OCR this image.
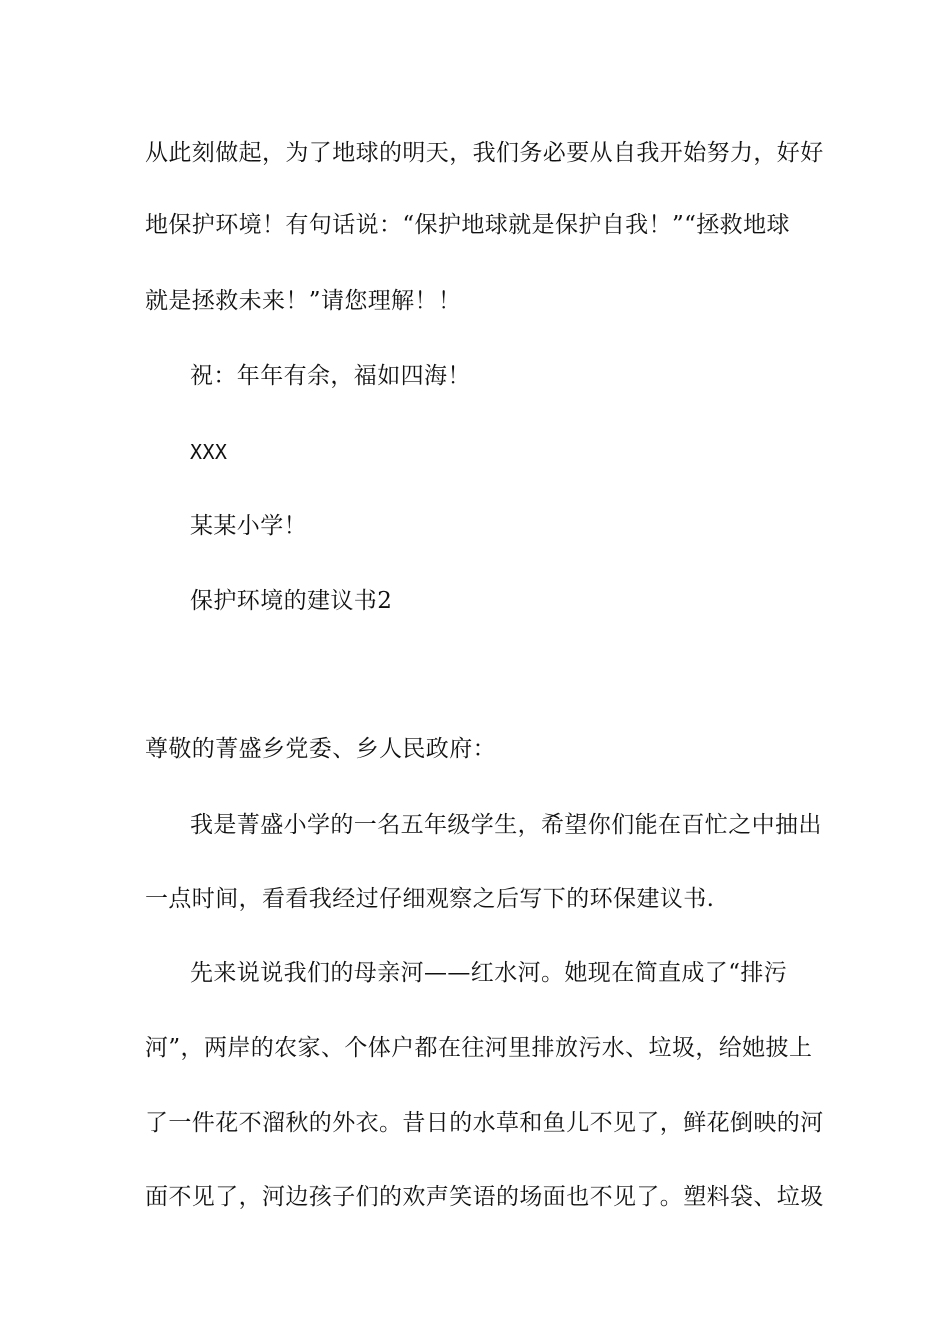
从此刻做起，为了地球的明天，我们务必要从自我开始努力，好好
地保护环境！有句话说：“保护地球就是保护自我！”“拯救地球
就是拯救未来！”请您理解！！
祝：年年有余，福如四海！
XXX
某某小学！
保护环境的建议书2
尊敬的菁盛乡党委、乡人民政府：
我是菁盛小学的一名五年级学生，希望你们能在百忙之中抽出
一点时间，看看我经过仔细观察之后写下的环保建议书.
先来说说我们的母亲河——红水河。她现在简直成了“排污
河”，两岸的农家、个体户都在往河里排放污水、垃圾，给她披上
了一件花不溜秋的外衣。昔日的水草和鱼儿不见了，鲜花倒映的河
面不见了，河边孩子们的欢声笑语的场面也不见了。塑料袋、垃圾
